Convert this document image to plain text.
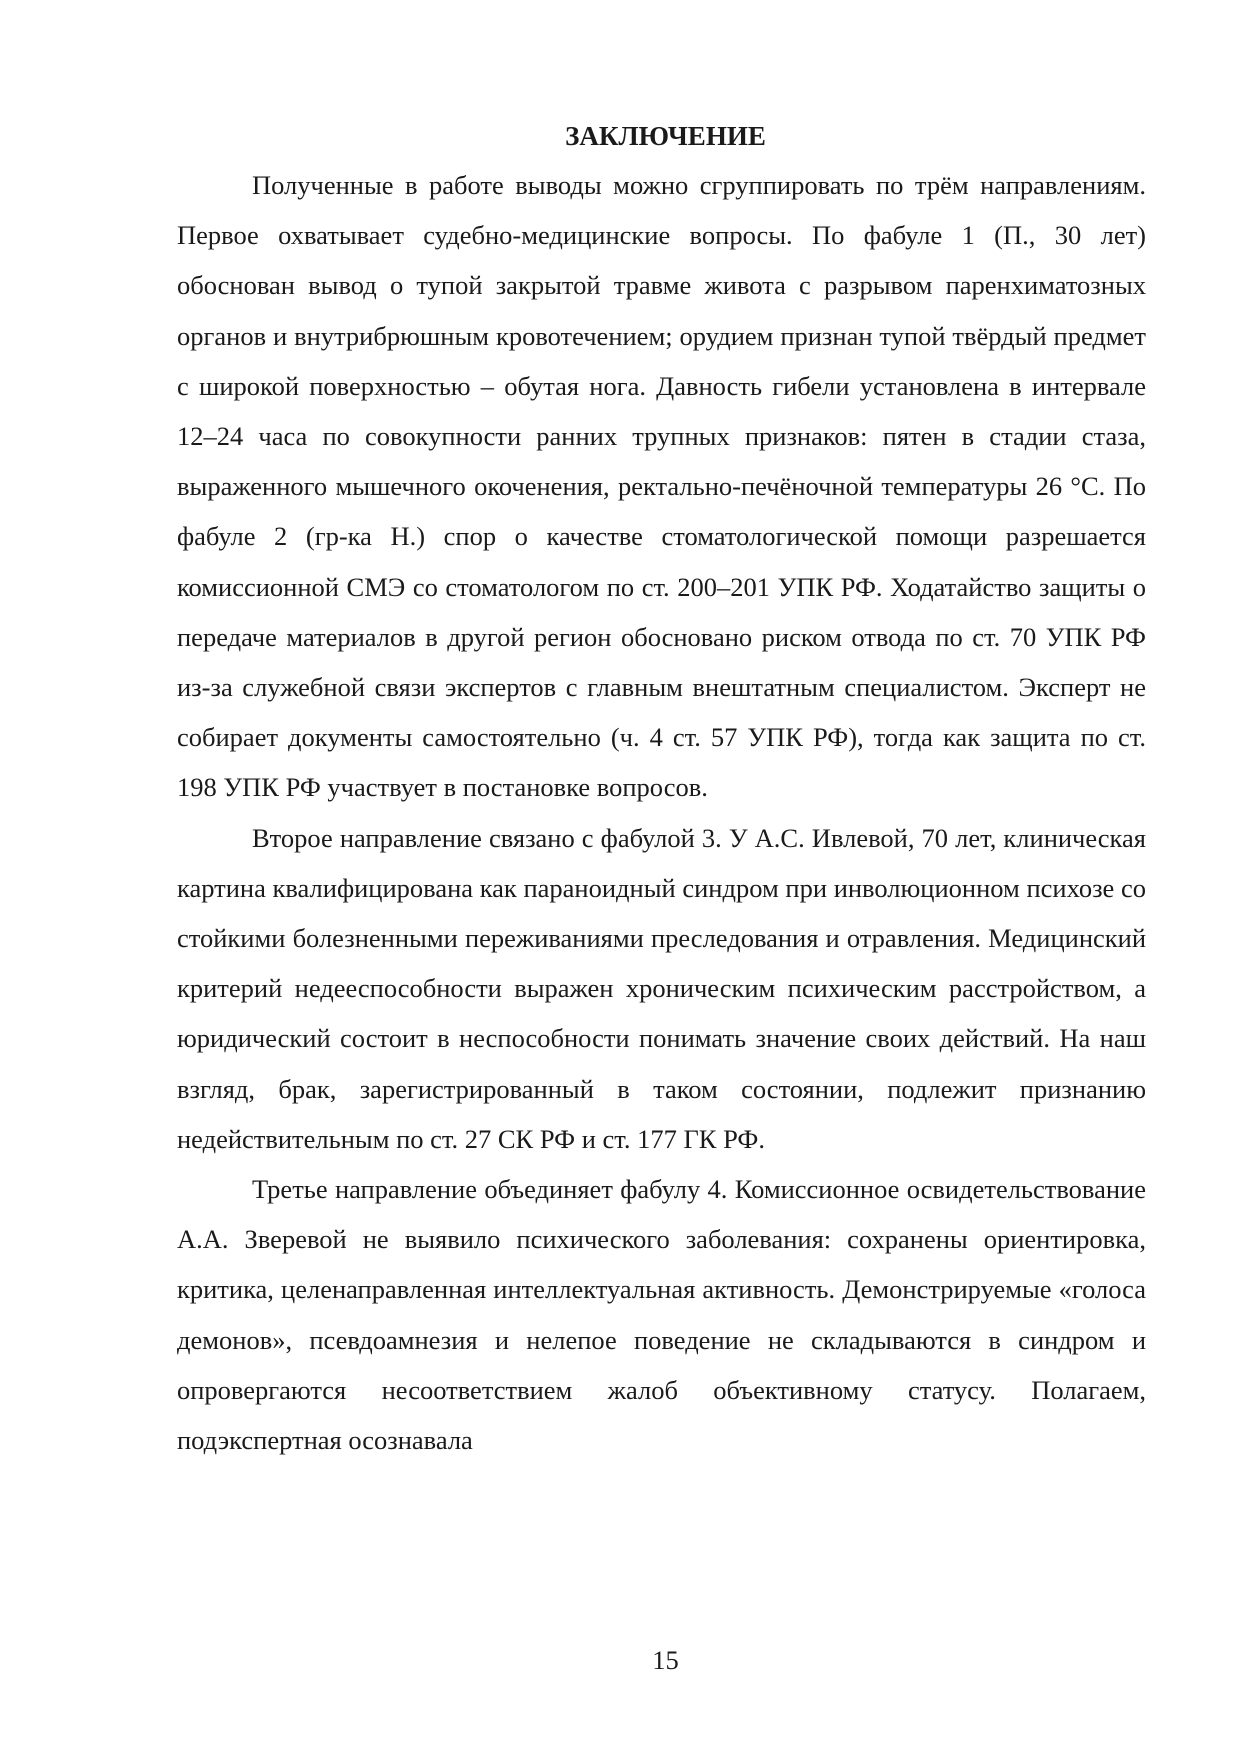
ЗАКЛЮЧЕНИЕ

Полученные в работе выводы можно сгруппировать по трём направлениям. Первое охватывает судебно-медицинские вопросы. По фабуле 1 (П., 30 лет) обоснован вывод о тупой закрытой травме живота с разрывом паренхиматозных органов и внутрибрюшным кровотечением; орудием признан тупой твёрдый предмет с широкой поверхностью – обутая нога. Давность гибели установлена в интервале 12–24 часа по совокупности ранних трупных признаков: пятен в стадии стаза, выраженного мышечного окоченения, ректально-печёночной температуры 26 °С. По фабуле 2 (гр-ка Н.) спор о качестве стоматологической помощи разрешается комиссионной СМЭ со стоматологом по ст. 200–201 УПК РФ. Ходатайство защиты о передаче материалов в другой регион обосновано риском отвода по ст. 70 УПК РФ из-за служебной связи экспертов с главным внештатным специалистом. Эксперт не собирает документы самостоятельно (ч. 4 ст. 57 УПК РФ), тогда как защита по ст. 198 УПК РФ участвует в постановке вопросов.

Второе направление связано с фабулой 3. У А.С. Ивлевой, 70 лет, клиническая картина квалифицирована как параноидный синдром при инволюционном психозе со стойкими болезненными переживаниями преследования и отравления. Медицинский критерий недееспособности выражен хроническим психическим расстройством, а юридический состоит в неспособности понимать значение своих действий. На наш взгляд, брак, зарегистрированный в таком состоянии, подлежит признанию недействительным по ст. 27 СК РФ и ст. 177 ГК РФ.

Третье направление объединяет фабулу 4. Комиссионное освидетельствование А.А. Зверевой не выявило психического заболевания: сохранены ориентировка, критика, целенаправленная интеллектуальная активность. Демонстрируемые «голоса демонов», псевдоамнезия и нелепое поведение не складываются в синдром и опровергаются несоответствием жалоб объективному статусу. Полагаем, подэкспертная осознавала

15
